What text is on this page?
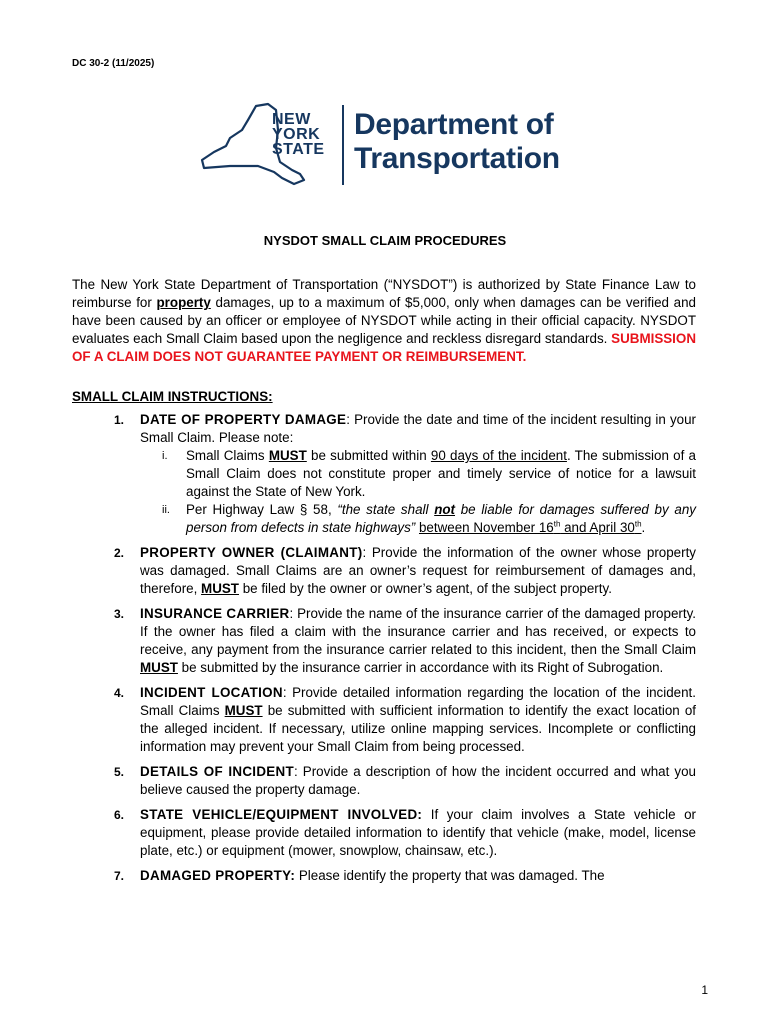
DC 30-2 (11/2025)
NEW
YORK
STATE
Department of
Transportation
NYSDOT SMALL CLAIM PROCEDURES

The New York State Department of Transportation (“NYSDOT”) is authorized by State Finance Law to reimburse for property damages, up to a maximum of $5,000, only when damages can be verified and have been caused by an officer or employee of NYSDOT while acting in their official capacity. NYSDOT evaluates each Small Claim based upon the negligence and reckless disregard standards. SUBMISSION OF A CLAIM DOES NOT GUARANTEE PAYMENT OR REIMBURSEMENT.

SMALL CLAIM INSTRUCTIONS:
1. DATE OF PROPERTY DAMAGE: Provide the date and time of the incident resulting in your Small Claim. Please note:
i. Small Claims MUST be submitted within 90 days of the incident. The submission of a Small Claim does not constitute proper and timely service of notice for a lawsuit against the State of New York.
ii. Per Highway Law § 58, “the state shall not be liable for damages suffered by any person from defects in state highways” between November 16th and April 30th.
2. PROPERTY OWNER (CLAIMANT): Provide the information of the owner whose property was damaged. Small Claims are an owner’s request for reimbursement of damages and, therefore, MUST be filed by the owner or owner’s agent, of the subject property.
3. INSURANCE CARRIER: Provide the name of the insurance carrier of the damaged property. If the owner has filed a claim with the insurance carrier and has received, or expects to receive, any payment from the insurance carrier related to this incident, then the Small Claim MUST be submitted by the insurance carrier in accordance with its Right of Subrogation.
4. INCIDENT LOCATION: Provide detailed information regarding the location of the incident. Small Claims MUST be submitted with sufficient information to identify the exact location of the alleged incident. If necessary, utilize online mapping services. Incomplete or conflicting information may prevent your Small Claim from being processed.
5. DETAILS OF INCIDENT: Provide a description of how the incident occurred and what you believe caused the property damage.
6. STATE VEHICLE/EQUIPMENT INVOLVED: If your claim involves a State vehicle or equipment, please provide detailed information to identify that vehicle (make, model, license plate, etc.) or equipment (mower, snowplow, chainsaw, etc.).
7. DAMAGED PROPERTY: Please identify the property that was damaged. The
1
